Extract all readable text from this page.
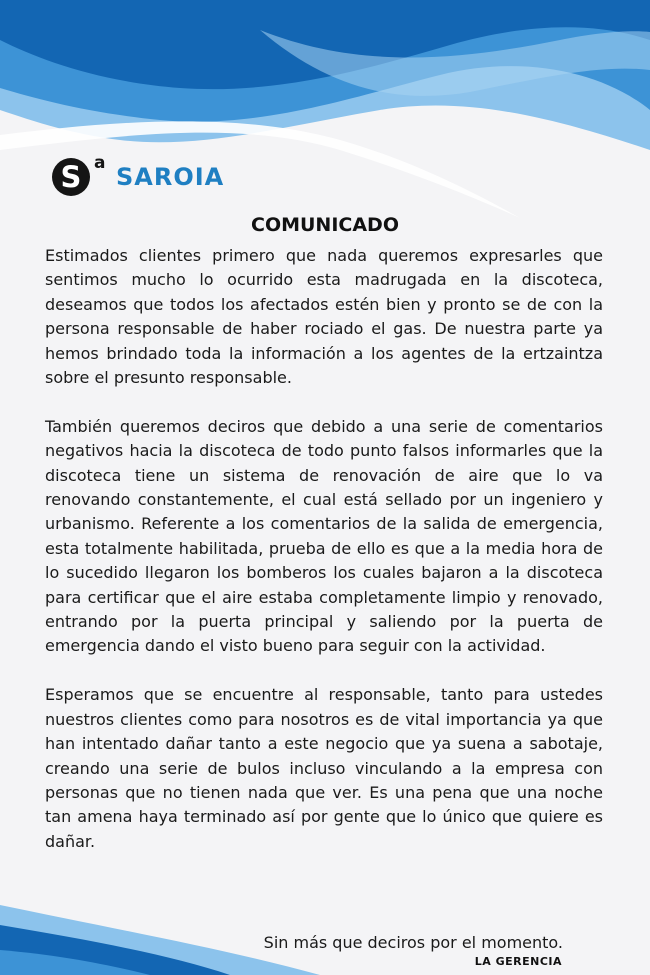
S a SAROIA
COMUNICADO

Estimados clientes primero que nada queremos expresarles que sentimos mucho lo ocurrido esta madrugada en la discoteca, deseamos que todos los afectados estén bien y pronto se de con la persona responsable de haber rociado el gas. De nuestra parte ya hemos brindado toda la información a los agentes de la ertzaintza sobre el presunto responsable.

También queremos deciros que debido a una serie de comentarios negativos hacia la discoteca de todo punto falsos informarles que la discoteca tiene un sistema de renovación de aire que lo va renovando constantemente, el cual está sellado por un ingeniero y urbanismo. Referente a los comentarios de la salida de emergencia, esta totalmente habilitada, prueba de ello es que a la media hora de lo sucedido llegaron los bomberos los cuales bajaron a la discoteca para certificar que el aire estaba completamente limpio y renovado, entrando por la puerta principal y saliendo por la puerta de emergencia dando el visto bueno para seguir con la actividad.

Esperamos que se encuentre al responsable, tanto para ustedes nuestros clientes como para nosotros es de vital importancia ya que han intentado dañar tanto a este negocio que ya suena a sabotaje, creando una serie de bulos incluso vinculando a la empresa con personas que no tienen nada que ver. Es una pena que una noche tan amena haya terminado así por gente que lo único que quiere es dañar.

Sin más que deciros por el momento.
LA GERENCIA
